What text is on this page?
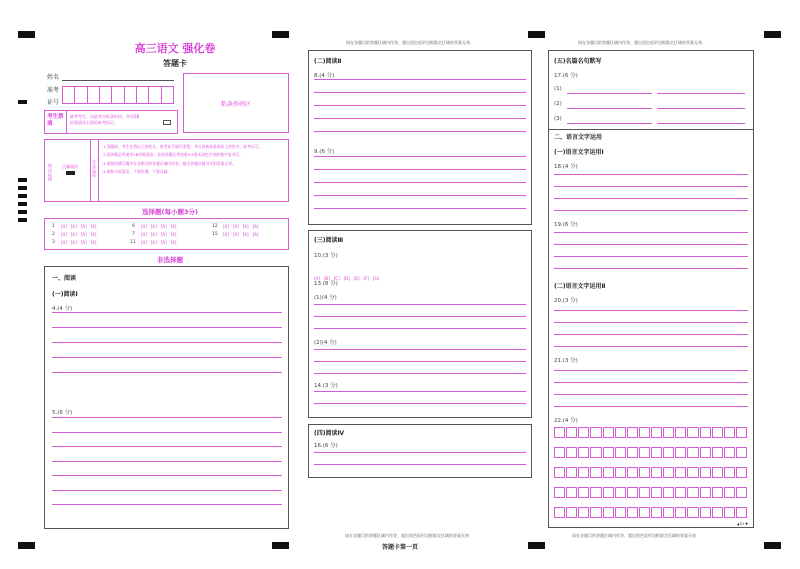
高三语文 强化卷
答题卡
姓名
准考
证号
考生禁填
缺考考生，由监考员贴条形码，并用2B
铅笔填涂右面的缺考标记。
粘条形码区
填涂样例
正确填涂
注意事项
1.答题前，考生先将自己的姓名、准考证号填写清楚，并认真核准条形码上的姓名、准考证号。
2.选择题必须使用2B铅笔填涂；非选择题必须使用0.5毫米黑色字迹的签字笔书写。
3.请按照题号顺序在各题目的答题区域内作答，超出答题区域书写的答案无效。
4.保持卡面清洁，不要折叠，不要弄破。
选择题(每小题3分)
1
2
3
6
7
11
12
15
[A] [A] [A] [A]
[A] [A] [A] [A]
[A] [A] [A] [A]
[A] [A] [A] [A]
[A] [A] [A] [A]
[A] [A] [A] [A]
[A] [A] [A] [A]
[A] [A] [A] [A]
非选择题
一、阅读
(一)阅读Ⅰ
4.(4 分)
5.(6 分)
请在各题目的答题区域内作答，超出黑色矩形边框限定区域的答案无效
(二)阅读Ⅱ
8.(4 分)
9.(6 分)
(三)阅读Ⅲ
10.(3 分)
[A] [B] [C] [D] [E] [F] [G]
13.(8 分)
(1)(4 分)
(2)(4 分)
14.(3 分)
(四)阅读Ⅳ
16.(6 分)
请在各题目的答题区域内作答，超出黑色矩形边框限定区域的答案无效
(五)名篇名句默写
17.(6 分)
(1)
(2)
(3)
二、语言文字运用
(一)语言文字运用Ⅰ
18.(4 分)
19.(6 分)
(二)语言文字运用Ⅱ
20.(3 分)
21.(3 分)
22.(4 分)
▲52 ▼
请在各题目的答题区域内作答，超出黑色矩形边框限定区域的答案无效	请在各题目的答题区域内作答，超出黑色矩形边框限定区域的答案无效
答题卡第一页
